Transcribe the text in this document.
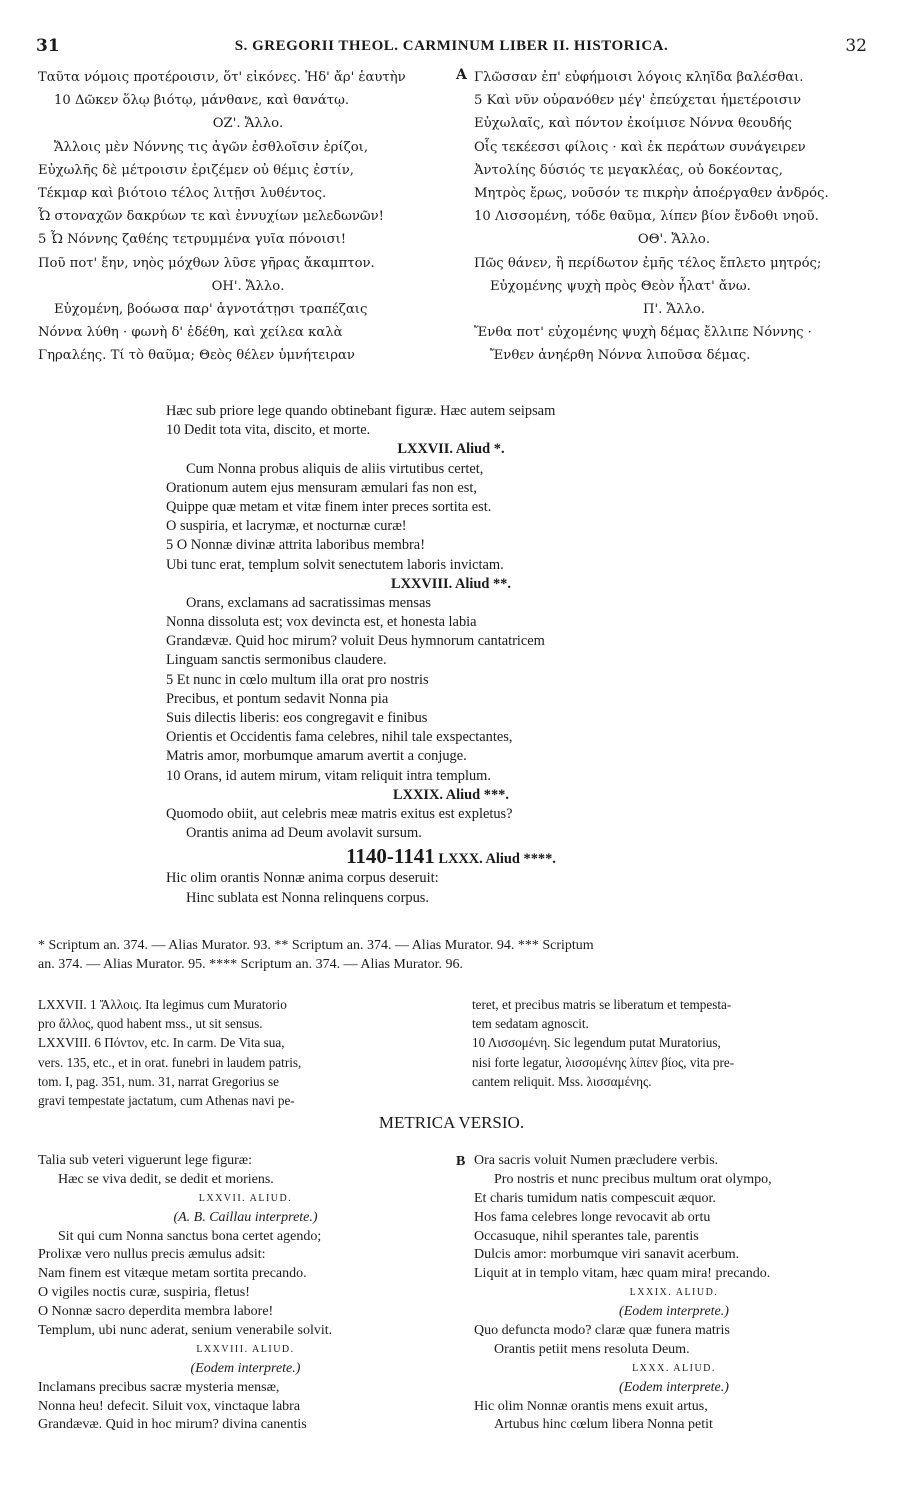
31	S. GREGORII THEOL. CARMINUM LIBER II. HISTORICA.	32
Ταῦτα νόμοις προτέροισιν, ὅτ' εἰκόνες. Ἡδ' ἄρ' ἑαυτὴν
10 Δῶκεν ὅλῳ βιότῳ, μάνθανε, καὶ θανάτῳ.
ΟΖ'. Ἄλλο.
Ἄλλοις μὲν Νόννης τις ἀγῶν ἐσθλοῖσιν ἐρίζοι,
Εὐχωλῆς δὲ μέτροισιν ἐριζέμεν οὐ θέμις ἐστίν,
Τέκμαρ καὶ βιότοιο τέλος λιτῇσι λυθέντος.
Ὦ στοναχῶν δακρύων τε καὶ ἐννυχίων μελεδωνῶν!
5 Ὦ Νόννης ζαθέης τετρυμμένα γυῖα πόνοισι!
Ποῦ ποτ' ἔην, νηὸς μόχθων λῦσε γῆρας ἄκαμπτον.
ΟΗ'. Ἄλλο.
Εὐχομένη, βοόωσα παρ' ἁγνοτάτῃσι τραπέζαις
Νόννα λύθη · φωνὴ δ' ἐδέθη, καὶ χείλεα καλὰ
Γηραλέης. Τί τὸ θαῦμα; Θεὸς θέλεν ὑμνήτειραν
A Γλῶσσαν ἐπ' εὐφήμοισι λόγοις κληῖδα βαλέσθαι.
5 Καὶ νῦν οὐρανόθεν μέγ' ἐπεύχεται ἡμετέροισιν
Εὐχωλαῖς, καὶ πόντον ἐκοίμισε Νόννα θεουδής
Οἷς τεκέεσσι φίλοις · καὶ ἐκ περάτων συνάγειρεν
Ἀντολίης δύσιός τε μεγακλέας, οὐ δοκέοντας,
Μητρὸς ἔρως, νοῦσόν τε πικρὴν ἀποέργαθεν ἀνδρός.
10 Λισσομένη, τόδε θαῦμα, λίπεν βίον ἔνδοθι νηοῦ.
ΟΘ'. Ἄλλο.
Πῶς θάνεν, ἢ περίδωτον ἐμῆς τέλος ἔπλετο μητρός;
Εὐχομένης ψυχὴ πρὸς Θεὸν ἦλατ' ἄνω.
Π'. Ἄλλο.
Ἔνθα ποτ' εὐχομένης ψυχὴ δέμας ἔλλιπε Νόννης ·
Ἔνθεν ἀνηέρθη Νόννα λιποῦσα δέμας.
Hæc sub priore lege quando obtinebant figuræ. Hæc autem seipsam
10 Dedit tota vita, discito, et morte.
LXXVII. Aliud *.
Cum Nonna probus aliquis de aliis virtutibus certet,
Orationum autem ejus mensuram æmulari fas non est,
Quippe quæ metam et vitæ finem inter preces sortita est.
O suspiria, et lacrymæ, et nocturnæ curæ!
5 O Nonnæ divinæ attrita laboribus membra!
Ubi tunc erat, templum solvit senectutem laboris invictam.
LXXVIII. Aliud **.
Orans, exclamans ad sacratissimas mensas
Nonna dissoluta est; vox devincta est, et honesta labia
Grandævæ. Quid hoc mirum? voluit Deus hymnorum cantatricem
Linguam sanctis sermonibus claudere.
5 Et nunc in cœlo multum illa orat pro nostris
Precibus, et pontum sedavit Nonna pia
Suis dilectis liberis: eos congregavit e finibus
Orientis et Occidentis fama celebres, nihil tale exspectantes,
Matris amor, morbumque amarum avertit a conjuge.
10 Orans, id autem mirum, vitam reliquit intra templum.
LXXIX. Aliud ***.
Quomodo obiit, aut celebris meæ matris exitus est expletus?
Orantis anima ad Deum avolavit sursum.
1140-1141 LXXX. Aliud ****.
Hic olim orantis Nonnæ anima corpus deseruit:
Hinc sublata est Nonna relinquens corpus.
* Scriptum an. 374. — Alias Murator. 93. ** Scriptum an. 374. — Alias Murator. 94. *** Scriptum
an. 374. — Alias Murator. 95. **** Scriptum an. 374. — Alias Murator. 96.
LXXVII. 1 Ἄλλοις. Ita legimus cum Muratorio
pro ἄλλος, quod habent mss., ut sit sensus.
LXXVIII. 6 Πόντον, etc. In carm. De Vita sua,
vers. 135, etc., et in orat. funebri in laudem patris,
tom. I, pag. 351, num. 31, narrat Gregorius se
gravi tempestate jactatum, cum Athenas navi pe-
teret, et precibus matris se liberatum et tempesta-
tem sedatam agnoscit.
10 Λισσομένη. Sic legendum putat Muratorius,
nisi forte legatur, λισσομένης λίπεν βίος, vita pre-
cantem reliquit. Mss. λισσαμένης.
METRICA VERSIO.
Talia sub veteri viguerunt lege figuræ:
Hæc se viva dedit, se dedit et moriens.
LXXVII. ALIUD.
(A. B. Caillau interprete.)
Sit qui cum Nonna sanctus bona certet agendo;
Prolixæ vero nullus precis æmulus adsit:
Nam finem est vitæque metam sortita precando.
O vigiles noctis curæ, suspiria, fletus!
O Nonnæ sacro deperdita membra labore!
Templum, ubi nunc aderat, senium venerabile solvit.
LXXVIII. ALIUD.
(Eodem interprete.)
Inclamans precibus sacræ mysteria mensæ,
Nonna heu! defecit. Siluit vox, vinctaque labra
Grandævæ. Quid in hoc mirum? divina canentis
B Ora sacris voluit Numen præcludere verbis.
Pro nostris et nunc precibus multum orat olympo,
Et charis tumidum natis compescuit æquor.
Hos fama celebres longe revocavit ab ortu
Occasuque, nihil sperantes tale, parentis
Dulcis amor: morbumque viri sanavit acerbum.
Liquit at in templo vitam, hæc quam mira! precando.
LXXIX. ALIUD.
(Eodem interprete.)
Quo defuncta modo? claræ quæ funera matris
Orantis petiit mens resoluta Deum.
LXXX. ALIUD.
(Eodem interprete.)
Hic olim Nonnæ orantis mens exuit artus,
Artubus hinc cœlum libera Nonna petit
